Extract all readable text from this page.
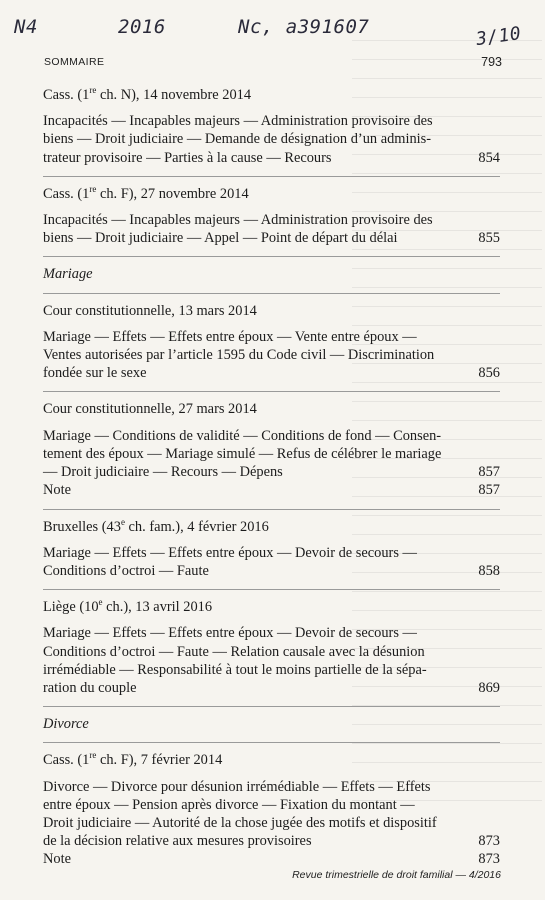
N4	2016	Nc, a391607	3/10
SOMMAIRE	793

Cass. (1re ch. N), 14 novembre 2014

Incapacités — Incapables majeurs — Administration provisoire des
biens — Droit judiciaire — Demande de désignation d’un adminis-
trateur provisoire — Parties à la cause — Recours	854

Cass. (1re ch. F), 27 novembre 2014

Incapacités — Incapables majeurs — Administration provisoire des
biens — Droit judiciaire — Appel — Point de départ du délai	855

Mariage

Cour constitutionnelle, 13 mars 2014

Mariage — Effets — Effets entre époux — Vente entre époux —
Ventes autorisées par l’article 1595 du Code civil — Discrimination
fondée sur le sexe	856

Cour constitutionnelle, 27 mars 2014

Mariage — Conditions de validité — Conditions de fond — Consen-
tement des époux — Mariage simulé — Refus de célébrer le mariage
— Droit judiciaire — Recours — Dépens	857
Note	857

Bruxelles (43e ch. fam.), 4 février 2016

Mariage — Effets — Effets entre époux — Devoir de secours —
Conditions d’octroi — Faute	858

Liège (10e ch.), 13 avril 2016

Mariage — Effets — Effets entre époux — Devoir de secours —
Conditions d’octroi — Faute — Relation causale avec la désunion
irrémédiable — Responsabilité à tout le moins partielle de la sépa-
ration du couple	869

Divorce

Cass. (1re ch. F), 7 février 2014

Divorce — Divorce pour désunion irrémédiable — Effets — Effets
entre époux — Pension après divorce — Fixation du montant —
Droit judiciaire — Autorité de la chose jugée des motifs et dispositif
de la décision relative aux mesures provisoires	873
Note	873
Revue trimestrielle de droit familial — 4/2016
